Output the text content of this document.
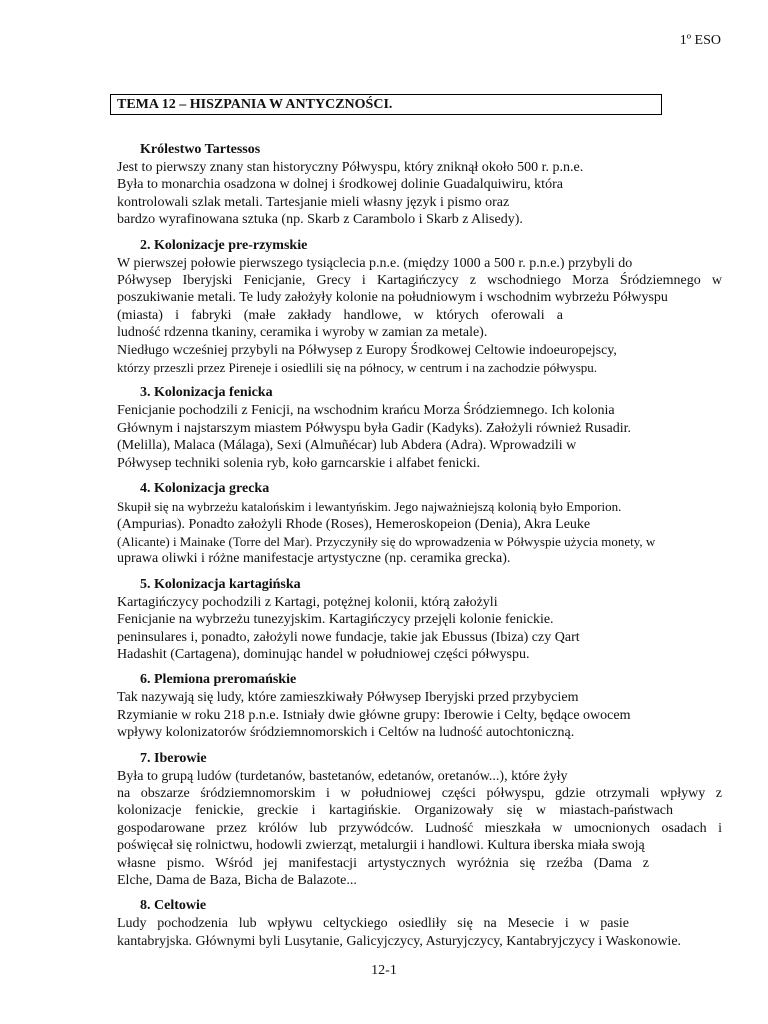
1º ESO
TEMA 12 – HISZPANIA W ANTYCZNOŚCI.
Królestwo Tartessos
Jest to pierwszy znany stan historyczny Półwyspu, który zniknął około 500 r. p.n.e.
Była to monarchia osadzona w dolnej i środkowej dolinie Guadalquiwiru, która
kontrolowali szlak metali. Tartesjanie mieli własny język i pismo oraz
bardzo wyrafinowana sztuka (np. Skarb z Carambolo i Skarb z Alisedy).
2. Kolonizacje pre-rzymskie
W pierwszej połowie pierwszego tysiąclecia p.n.e. (między 1000 a 500 r. p.n.e.) przybyli do
Półwysep Iberyjski Fenicjanie, Grecy i Kartagińczycy z wschodniego Morza Śródziemnego w
poszukiwanie metali. Te ludy założyły kolonie na południowym i wschodnim wybrzeżu Półwyspu
(miasta) i fabryki (małe zakłady handlowe, w których oferowali a
ludność rdzenna tkaniny, ceramika i wyroby w zamian za metale).
Niedługo wcześniej przybyli na Półwysep z Europy Środkowej Celtowie indoeuropejscy,
którzy przeszli przez Pireneje i osiedlili się na północy, w centrum i na zachodzie półwyspu.
3. Kolonizacja fenicka
Fenicjanie pochodzili z Fenicji, na wschodnim krańcu Morza Śródziemnego. Ich kolonia
Głównym i najstarszym miastem Półwyspu była Gadir (Kadyks). Założyli również Rusadir.
(Melilla), Malaca (Málaga), Sexi (Almuñécar) lub Abdera (Adra). Wprowadzili w
Półwysep techniki solenia ryb, koło garncarskie i alfabet fenicki.
4. Kolonizacja grecka
Skupił się na wybrzeżu katalońskim i lewantyńskim. Jego najważniejszą kolonią było Emporion.
(Ampurias). Ponadto założyli Rhode (Roses), Hemeroskopeion (Denia), Akra Leuke
(Alicante) i Mainake (Torre del Mar). Przyczyniły się do wprowadzenia w Półwyspie użycia monety, w
uprawa oliwki i różne manifestacje artystyczne (np. ceramika grecka).
5. Kolonizacja kartagińska
Kartagińczycy pochodzili z Kartagi, potężnej kolonii, którą założyli
Fenicjanie na wybrzeżu tunezyjskim. Kartagińczycy przejęli kolonie fenickie.
peninsulares i, ponadto, założyli nowe fundacje, takie jak Ebussus (Ibiza) czy Qart
Hadashit (Cartagena), dominując handel w południowej części półwyspu.
6. Plemiona preromańskie
Tak nazywają się ludy, które zamieszkiwały Półwysep Iberyjski przed przybyciem
Rzymianie w roku 218 p.n.e. Istniały dwie główne grupy: Iberowie i Celty, będące owocem
wpływy kolonizatorów śródziemnomorskich i Celtów na ludność autochtoniczną.
7. Iberowie
Była to grupą ludów (turdetanów, bastetanów, edetanów, oretanów...), które żyły
na obszarze śródziemnomorskim i w południowej części półwyspu, gdzie otrzymali wpływy z
kolonizacje fenickie, greckie i kartagińskie. Organizowały się w miastach-państwach
gospodarowane przez królów lub przywódców. Ludność mieszkała w umocnionych osadach i
poświęcał się rolnictwu, hodowli zwierząt, metalurgii i handlowi. Kultura iberska miała swoją
własne pismo. Wśród jej manifestacji artystycznych wyróżnia się rzeźba (Dama z
Elche, Dama de Baza, Bicha de Balazote...
8. Celtowie
Ludy pochodzenia lub wpływu celtyckiego osiedliły się na Mesecie i w pasie
kantabryjska. Głównymi byli Lusytanie, Galicyjczycy, Asturyjczycy, Kantabryjczycy i Waskonowie.
12-1
